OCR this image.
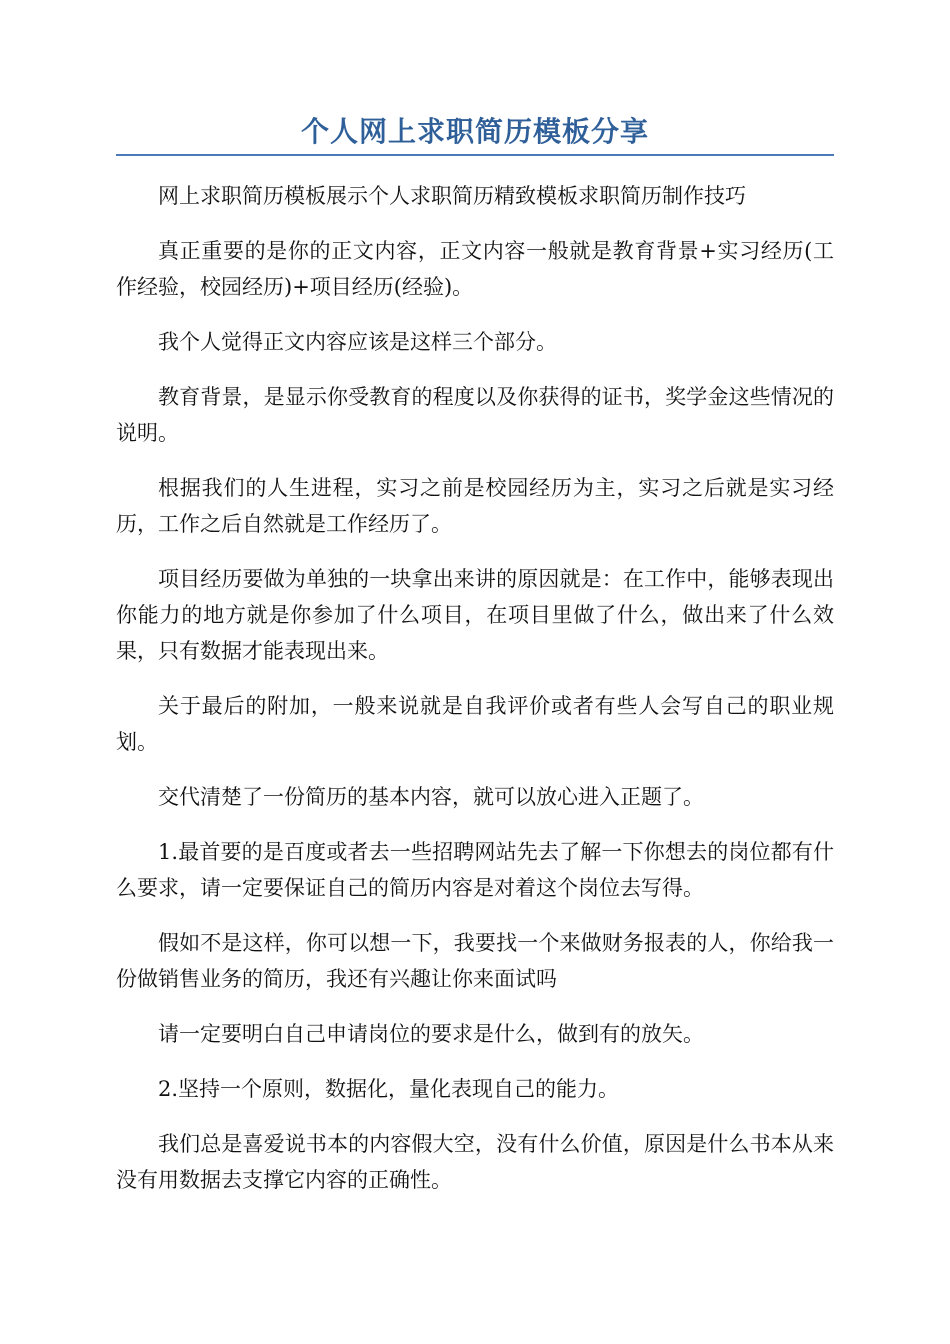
个人网上求职简历模板分享

网上求职简历模板展示个人求职简历精致模板求职简历制作技巧

真正重要的是你的正文内容，正文内容一般就是教育背景+实习经历(工作经验，校园经历)+项目经历(经验)。

我个人觉得正文内容应该是这样三个部分。

教育背景，是显示你受教育的程度以及你获得的证书，奖学金这些情况的说明。

根据我们的人生进程，实习之前是校园经历为主，实习之后就是实习经历，工作之后自然就是工作经历了。

项目经历要做为单独的一块拿出来讲的原因就是：在工作中，能够表现出你能力的地方就是你参加了什么项目，在项目里做了什么，做出来了什么效果，只有数据才能表现出来。

关于最后的附加，一般来说就是自我评价或者有些人会写自己的职业规划。

交代清楚了一份简历的基本内容，就可以放心进入正题了。

1.最首要的是百度或者去一些招聘网站先去了解一下你想去的岗位都有什么要求，请一定要保证自己的简历内容是对着这个岗位去写得。

假如不是这样，你可以想一下，我要找一个来做财务报表的人，你给我一份做销售业务的简历，我还有兴趣让你来面试吗

请一定要明白自己申请岗位的要求是什么，做到有的放矢。

2.坚持一个原则，数据化，量化表现自己的能力。

我们总是喜爱说书本的内容假大空，没有什么价值，原因是什么书本从来没有用数据去支撑它内容的正确性。
